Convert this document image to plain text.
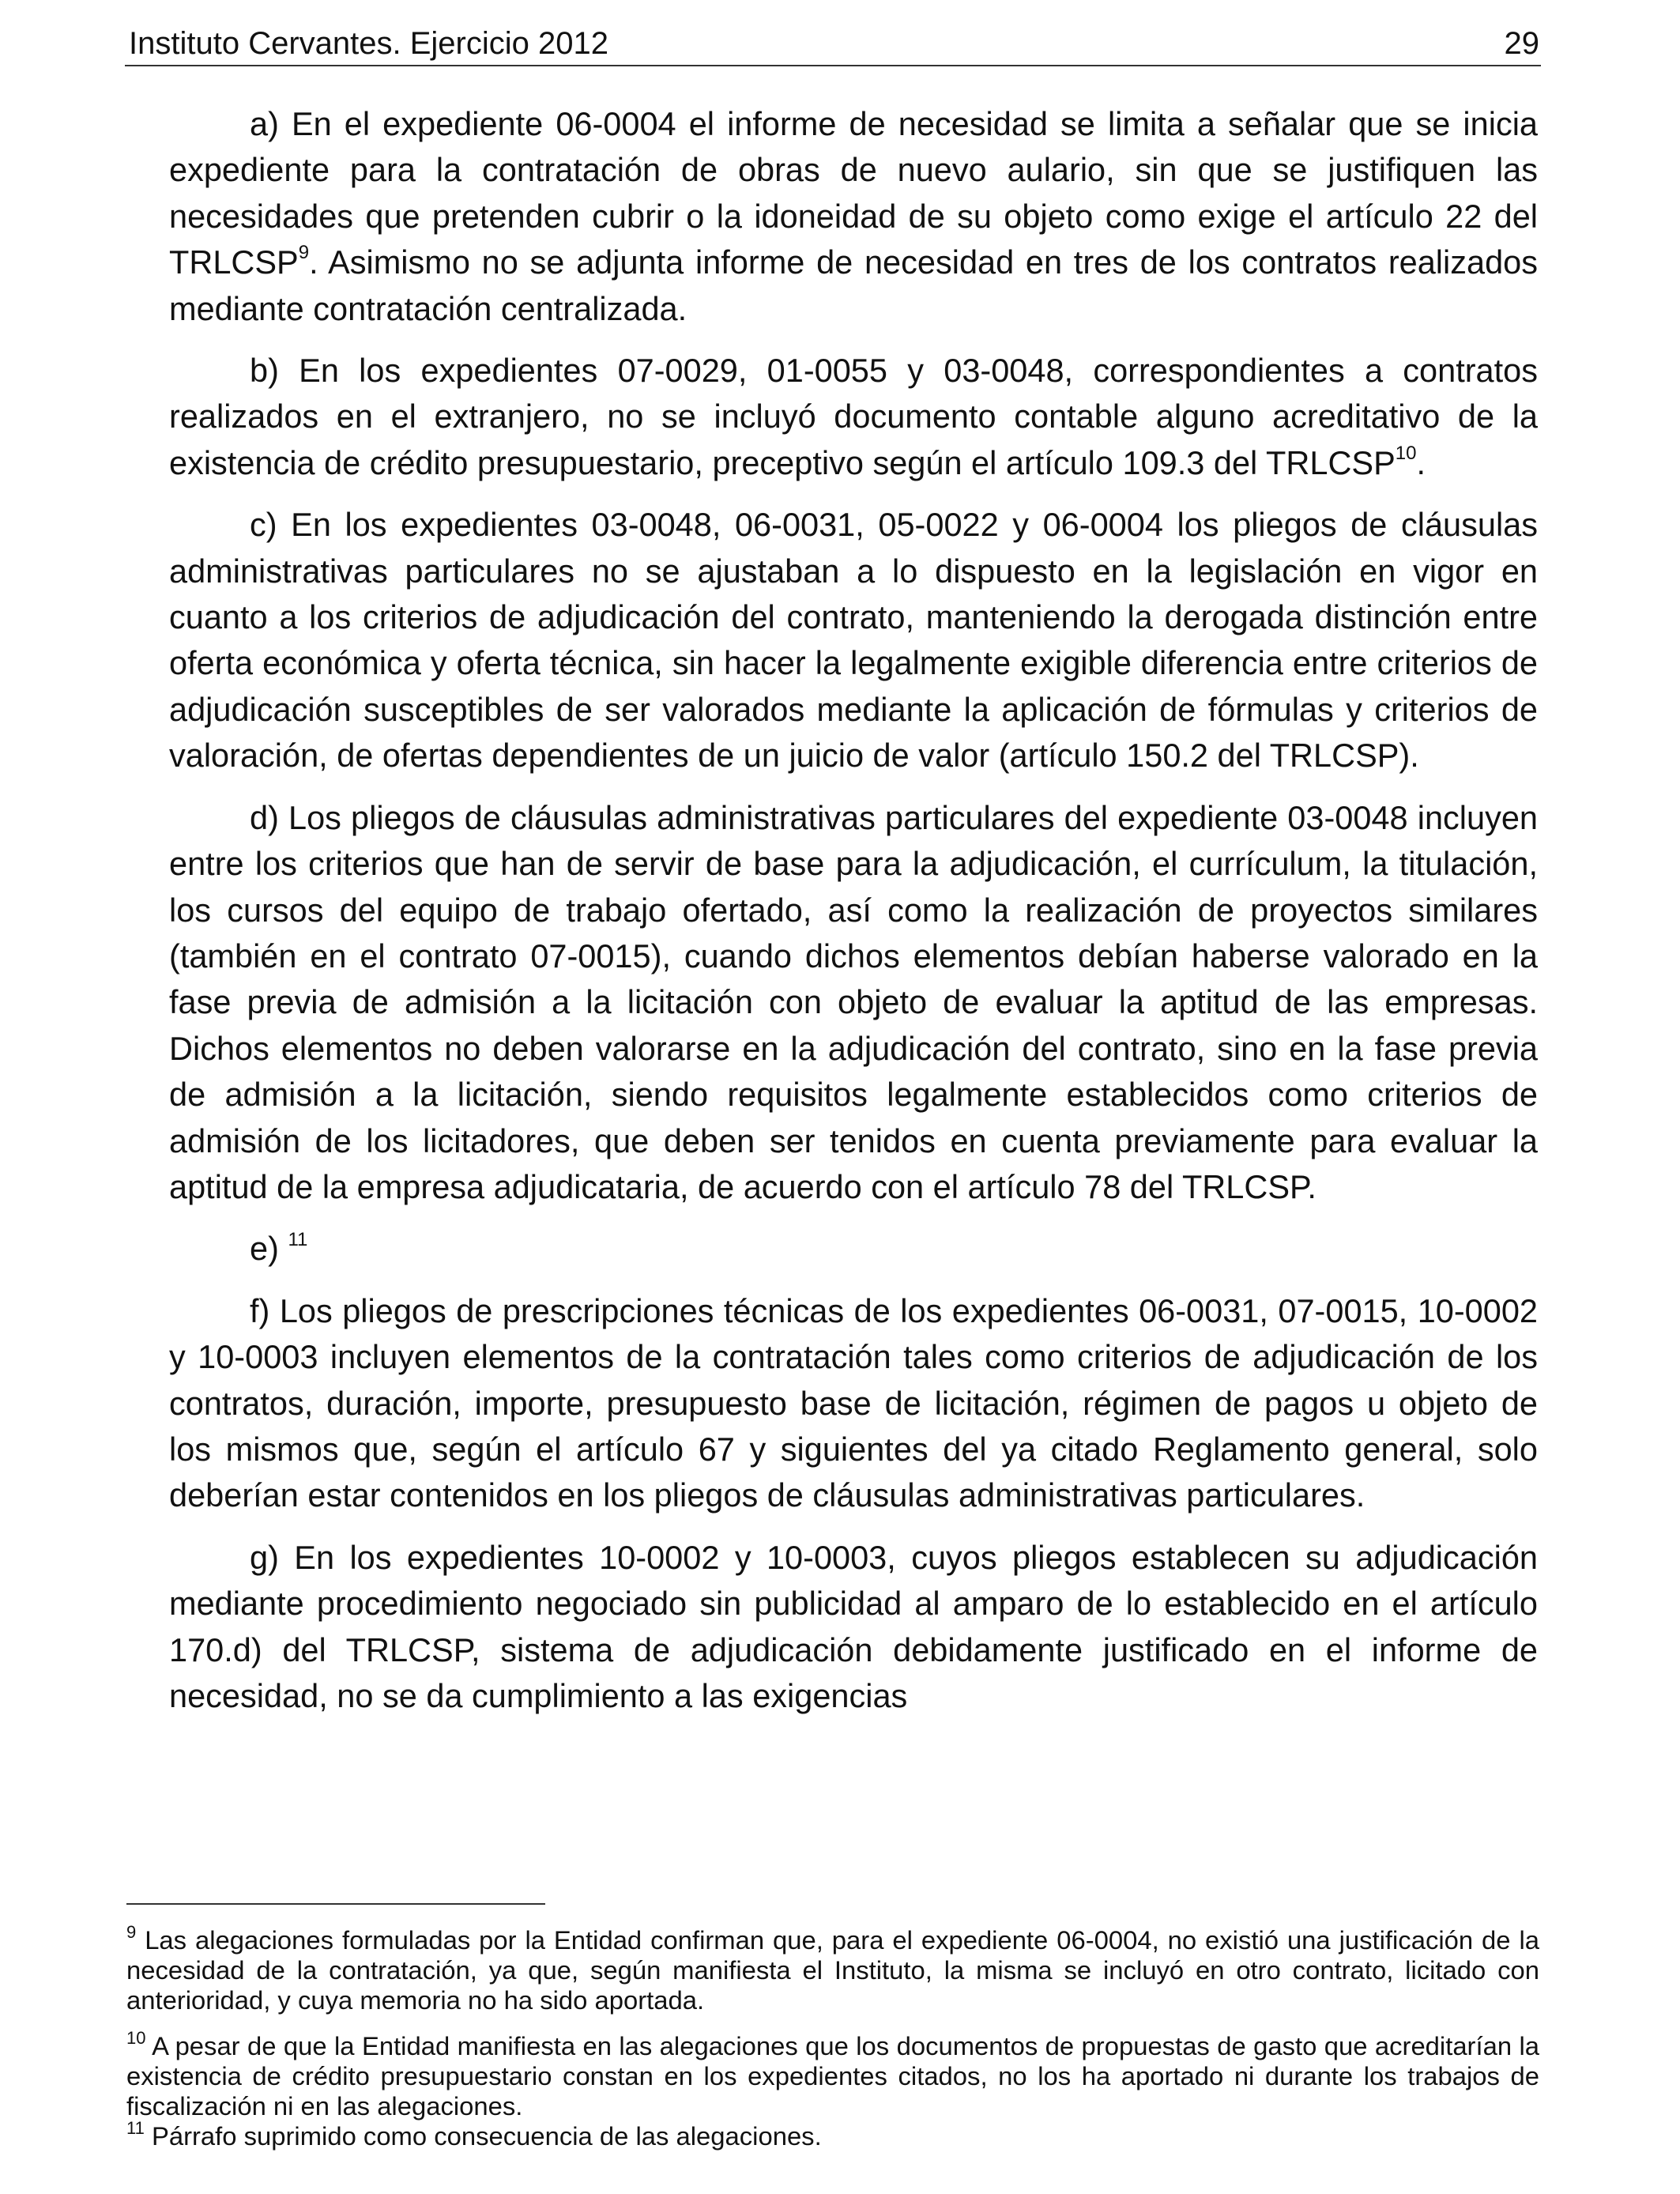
Instituto Cervantes. Ejercicio 2012	29

a) En el expediente 06-0004 el informe de necesidad se limita a señalar que se inicia expediente para la contratación de obras de nuevo aulario, sin que se justifiquen las necesidades que pretenden cubrir o la idoneidad de su objeto como exige el artículo 22 del TRLCSP$^9$. Asimismo no se adjunta informe de necesidad en tres de los contratos realizados mediante contratación centralizada.

b) En los expedientes 07-0029, 01-0055 y 03-0048, correspondientes a contratos realizados en el extranjero, no se incluyó documento contable alguno acreditativo de la existencia de crédito presupuestario, preceptivo según el artículo 109.3 del TRLCSP$^{10}$.

c) En los expedientes 03-0048, 06-0031, 05-0022 y 06-0004 los pliegos de cláusulas administrativas particulares no se ajustaban a lo dispuesto en la legislación en vigor en cuanto a los criterios de adjudicación del contrato, manteniendo la derogada distinción entre oferta económica y oferta técnica, sin hacer la legalmente exigible diferencia entre criterios de adjudicación susceptibles de ser valorados mediante la aplicación de fórmulas y criterios de valoración, de ofertas dependientes de un juicio de valor (artículo 150.2 del TRLCSP).

d) Los pliegos de cláusulas administrativas particulares del expediente 03-0048 incluyen entre los criterios que han de servir de base para la adjudicación, el currículum, la titulación, los cursos del equipo de trabajo ofertado, así como la realización de proyectos similares (también en el contrato 07-0015), cuando dichos elementos debían haberse valorado en la fase previa de admisión a la licitación con objeto de evaluar la aptitud de las empresas. Dichos elementos no deben valorarse en la adjudicación del contrato, sino en la fase previa de admisión a la licitación, siendo requisitos legalmente establecidos como criterios de admisión de los licitadores, que deben ser tenidos en cuenta previamente para evaluar la aptitud de la empresa adjudicataria, de acuerdo con el artículo 78 del TRLCSP.

e) $^{11}$

f) Los pliegos de prescripciones técnicas de los expedientes 06-0031, 07-0015, 10-0002 y 10-0003 incluyen elementos de la contratación tales como criterios de adjudicación de los contratos, duración, importe, presupuesto base de licitación, régimen de pagos u objeto de los mismos que, según el artículo 67 y siguientes del ya citado Reglamento general, solo deberían estar contenidos en los pliegos de cláusulas administrativas particulares.

g) En los expedientes 10-0002 y 10-0003, cuyos pliegos establecen su adjudicación mediante procedimiento negociado sin publicidad al amparo de lo establecido en el artículo 170.d) del TRLCSP, sistema de adjudicación debidamente justificado en el informe de necesidad, no se da cumplimiento a las exigencias

$^9$ Las alegaciones formuladas por la Entidad confirman que, para el expediente 06-0004, no existió una justificación de la necesidad de la contratación, ya que, según manifiesta el Instituto, la misma se incluyó en otro contrato, licitado con anterioridad, y cuya memoria no ha sido aportada.

$^{10}$ A pesar de que la Entidad manifiesta en las alegaciones que los documentos de propuestas de gasto que acreditarían la existencia de crédito presupuestario constan en los expedientes citados, no los ha aportado ni durante los trabajos de fiscalización ni en las alegaciones.

$^{11}$ Párrafo suprimido como consecuencia de las alegaciones.
